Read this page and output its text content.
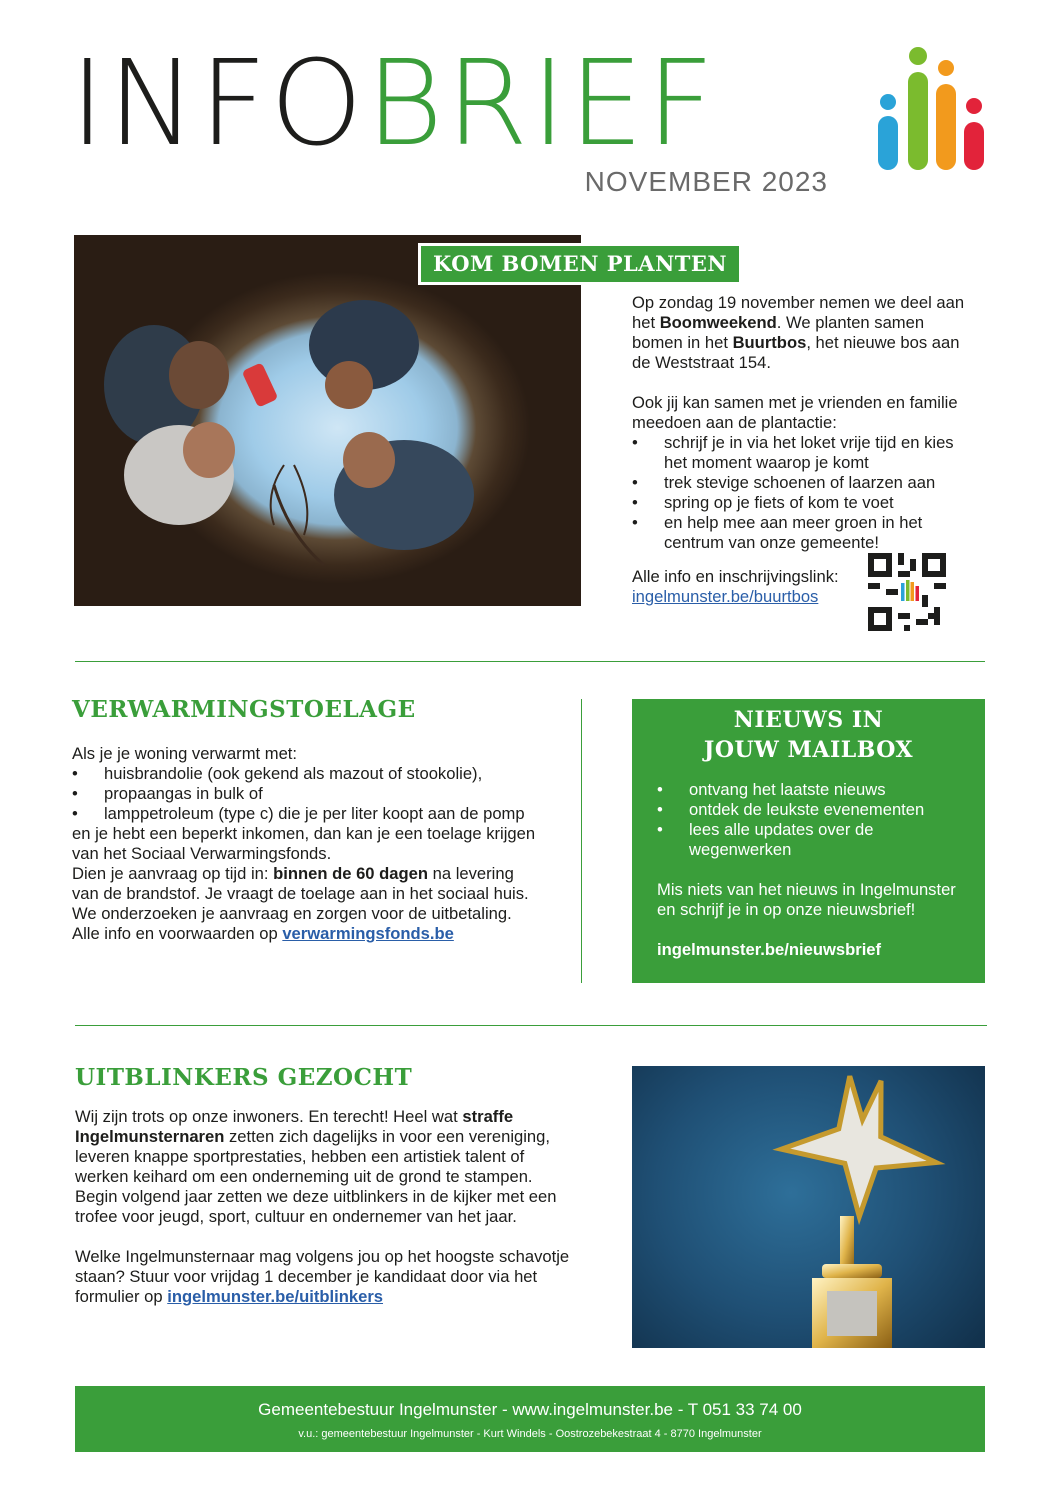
INFOBRIEF
NOVEMBER 2023
KOM BOMEN PLANTEN

Op zondag 19 november nemen we deel aan het Boomweekend. We planten samen bomen in het Buurtbos, het nieuwe bos aan de Weststraat 154.

Ook jij kan samen met je vrienden en familie meedoen aan de plantactie:

• schrijf je in via het loket vrije tijd en kies het moment waarop je komt
• trek stevige schoenen of laarzen aan
• spring op je fiets of kom te voet
• en help mee aan meer groen in het centrum van onze gemeente!

Alle info en inschrijvingslink:

ingelmunster.be/buurtbos

VERWARMINGSTOELAGE

Als je je woning verwarmt met:

• huisbrandolie (ook gekend als mazout of stookolie),
• propaangas in bulk of
• lamppetroleum (type c) die je per liter koopt aan de pomp

en je hebt een beperkt inkomen, dan kan je een toelage krijgen van het Sociaal Verwarmingsfonds.

Dien je aanvraag op tijd in: binnen de 60 dagen na levering van de brandstof. Je vraagt de toelage aan in het sociaal huis. We onderzoeken je aanvraag en zorgen voor de uitbetaling.

Alle info en voorwaarden op verwarmingsfonds.be

NIEUWS IN
JOUW MAILBOX
• ontvang het laatste nieuws
• ontdek de leukste evenementen
• lees alle updates over de wegenwerken

Mis niets van het nieuws in Ingelmunster en schrijf je in op onze nieuwsbrief!

ingelmunster.be/nieuwsbrief

UITBLINKERS GEZOCHT

Wij zijn trots op onze inwoners. En terecht! Heel wat straffe Ingelmunsternaren zetten zich dagelijks in voor een vereniging, leveren knappe sportprestaties, hebben een artistiek talent of werken keihard om een onderneming uit de grond te stampen.

Begin volgend jaar zetten we deze uitblinkers in de kijker met een trofee voor jeugd, sport, cultuur en ondernemer van het jaar.

Welke Ingelmunsternaar mag volgens jou op het hoogste schavotje staan? Stuur voor vrijdag 1 december je kandidaat door via het formulier op ingelmunster.be/uitblinkers

Gemeentebestuur Ingelmunster - www.ingelmunster.be - T 051 33 74 00
v.u.: gemeentebestuur Ingelmunster - Kurt Windels - Oostrozebekestraat 4 - 8770 Ingelmunster
